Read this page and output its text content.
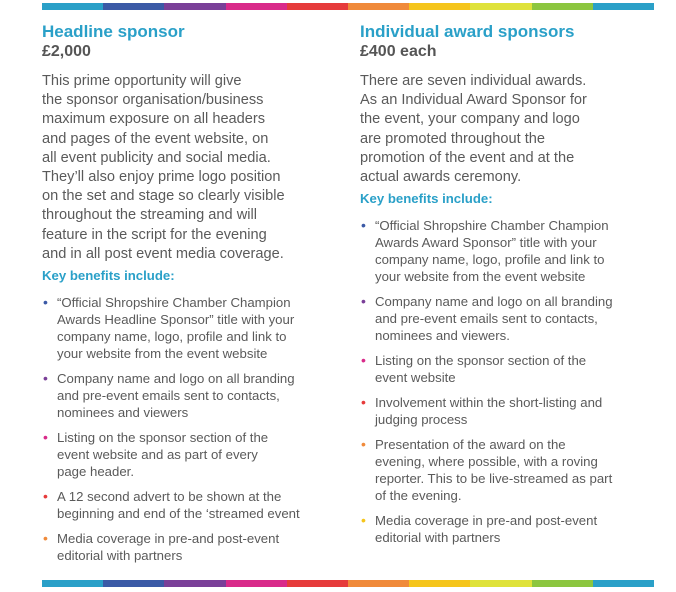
Headline sponsor
£2,000

This prime opportunity will give
the sponsor organisation/business
maximum exposure on all headers
and pages of the event website, on
all event publicity and social media.
They’ll also enjoy prime logo position
on the set and stage so clearly visible
throughout the streaming and will
feature in the script for the evening
and in all post event media coverage.

Key benefits include:
• “Official Shropshire Chamber Champion
Awards Headline Sponsor” title with your
company name, logo, profile and link to
your website from the event website
• Company name and logo on all branding
and pre-event emails sent to contacts,
nominees and viewers
• Listing on the sponsor section of the
event website and as part of every
page header.
• A 12 second advert to be shown at the
beginning and end of the ‘streamed event
• Media coverage in pre-and post-event
editorial with partners
Individual award sponsors
£400 each

There are seven individual awards.
As an Individual Award Sponsor for
the event, your company and logo
are promoted throughout the
promotion of the event and at the
actual awards ceremony.

Key benefits include:
• “Official Shropshire Chamber Champion
Awards Award Sponsor” title with your
company name, logo, profile and link to
your website from the event website
• Company name and logo on all branding
and pre-event emails sent to contacts,
nominees and viewers.
• Listing on the sponsor section of the
event website
• Involvement within the short-listing and
judging process
• Presentation of the award on the
evening, where possible, with a roving
reporter. This to be live-streamed as part
of the evening.
• Media coverage in pre-and post-event
editorial with partners
